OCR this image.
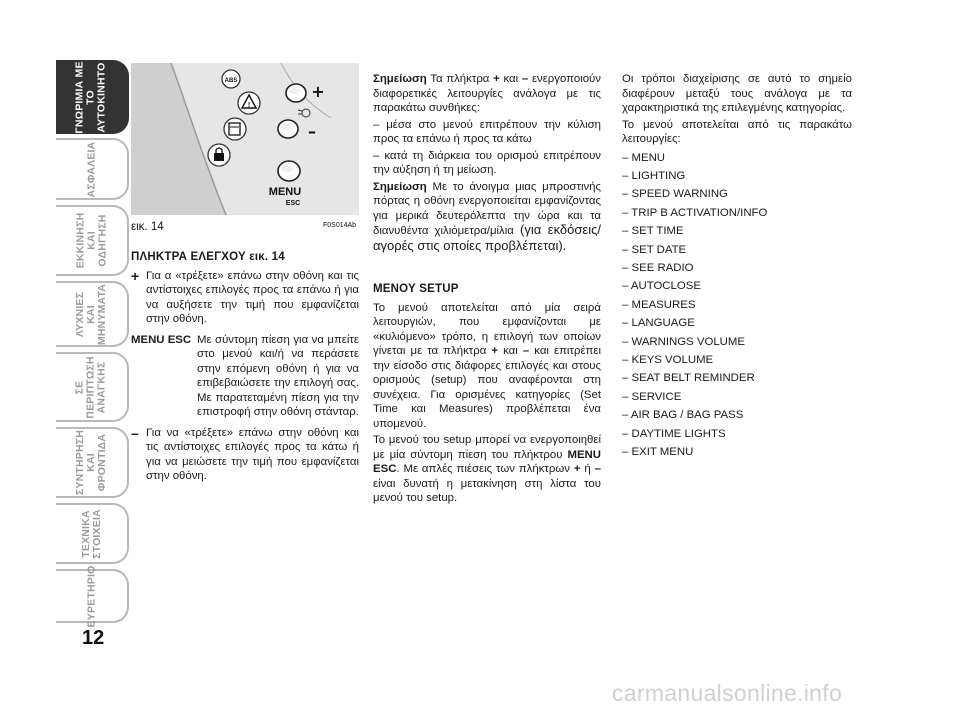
ΓΝΩΡΙΜΙΑ ΜΕ
ΤΟ
ΑΥΤΟΚΙΝΗΤΟ
ΑΣΦΑΛΕΙΑ
ΕΚΚΙΝΗΣΗ
ΚΑΙ
ΟΔΗΓΗΣΗ
ΛΥΧΝΙΕΣ
ΚΑΙ
ΜΗΝΥΜΑΤΑ
ΣΕ
ΠΕΡΙΠΤΩΣΗ
ΑΝΑΓΚΗΣ
ΣΥΝΤΗΡΗΣΗ
ΚΑΙ
ΦΡΟΝΤΙΔΑ
ΤΕΧΝΙΚΑ
ΣΤΟΙΧΕΙΑ
ΕΥΡΕΤΗΡΙΟ
12
ABS
!
+
–
MENU
ESC
εικ. 14	F0S014Ab
ΠΛΗΚΤΡΑ ΕΛΕΓΧΟΥ εικ. 14
+ Για α «τρέξετε» επάνω στην οθόνη και τις αντίστοιχες επιλογές προς τα επάνω ή για να αυξήσετε την τιμή που εμφανίζεται στην οθόνη.
MENU ESC Με σύντομη πίεση για να μπείτε στο μενού και/ή να περάσετε στην επόμενη οθόνη ή για να επιβεβαιώσετε την επιλογή σας. Με παρατεταμένη πίεση για την επιστροφή στην οθόνη στάνταρ.
– Για να «τρέξετε» επάνω στην οθόνη και τις αντίστοιχες επιλογές προς τα κάτω ή για να μειώσετε την τιμή που εμφανίζεται στην οθόνη.

Σημείωση Τα πλήκτρα + και – ενεργοποιούν διαφορετικές λειτουργίες ανάλογα με τις παρακάτω συνθήκες:

– μέσα στο μενού επιτρέπουν την κύλιση προς τα επάνω ή προς τα κάτω

– κατά τη διάρκεια του ορισμού επιτρέπουν την αύξηση ή τη μείωση.

Σημείωση Με το άνοιγμα μιας μπροστινής πόρτας η οθόνη ενεργοποιείται εμφανίζοντας για μερικά δευτερόλεπτα την ώρα και τα διανυθέντα χιλιόμετρα/μίλια (για εκδόσεις/αγορές στις οποίες προβλέπεται).

ΜΕΝΟΥ SETUP

Το μενού αποτελείται από μία σειρά λειτουργιών, που εμφανίζονται με «κυλιόμενο» τρόπο, η επιλογή των οποίων γίνεται με τα πλήκτρα + και – και επιτρέπει την είσοδο στις διάφορες επιλογές και στους ορισμούς (setup) που αναφέρονται στη συνέχεια. Για ορισμένες κατηγορίες (Set Time και Measures) προβλέπεται ένα υπομενού.

Το μενού του setup μπορεί να ενεργοποιηθεί με μία σύντομη πίεση του πλήκτρου MENU ESC. Με απλές πιέσεις των πλήκτρων + ή – είναι δυνατή η μετακίνηση στη λίστα του μενού του setup.

Οι τρόποι διαχείρισης σε αυτό το σημείο διαφέρουν μεταξύ τους ανάλογα με τα χαρακτηριστικά της επιλεγμένης κατηγορίας.

Το μενού αποτελείται από τις παρακάτω λειτουργίες:

– MENU
– LIGHTING
– SPEED WARNING
– TRIP B ACTIVATION/INFO
– SET TIME
– SET DATE
– SEE RADIO
– AUTOCLOSE
– MEASURES
– LANGUAGE
– WARNINGS VOLUME
– KEYS VOLUME
– SEAT BELT REMINDER
– SERVICE
– AIR BAG / BAG PASS
– DAYTIME LIGHTS
– EXIT MENU
carmanualsonline.info
